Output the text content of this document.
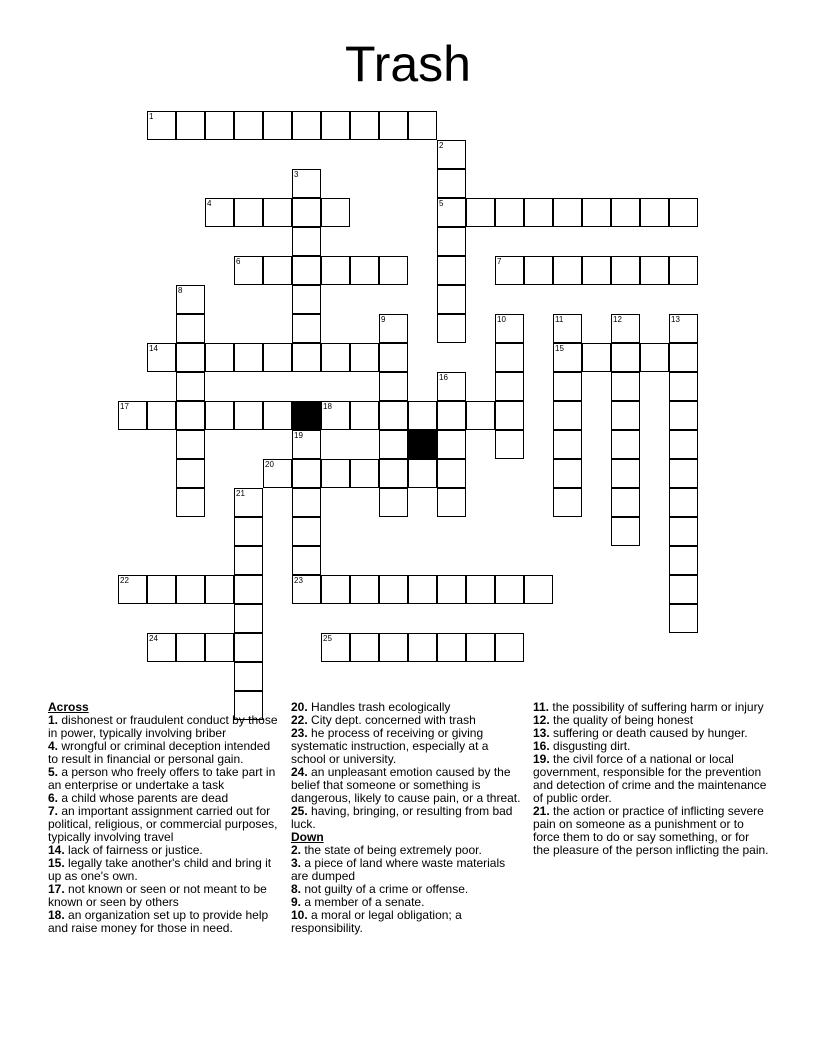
Trash
1
4	5
6	7
14	15
17	18
20
22	23
24	25
2
3
8
9	10	11	12	13
16
19
21

Across

1. dishonest or fraudulent conduct by those in power, typically involving briber

4. wrongful or criminal deception intended to result in financial or personal gain.

5. a person who freely offers to take part in an enterprise or undertake a task

6. a child whose parents are dead

7. an important assignment carried out for political, religious, or commercial purposes, typically involving travel

14. lack of fairness or justice.

15. legally take another's child and bring it up as one's own.

17. not known or seen or not meant to be known or seen by others

18. an organization set up to provide help and raise money for those in need.

20. Handles trash ecologically

22. City dept. concerned with trash

23. he process of receiving or giving systematic instruction, especially at a school or university.

24. an unpleasant emotion caused by the belief that someone or something is dangerous, likely to cause pain, or a threat.

25. having, bringing, or resulting from bad luck.

Down

2. the state of being extremely poor.

3. a piece of land where waste materials are dumped

8. not guilty of a crime or offense.

9. a member of a senate.

10. a moral or legal obligation; a responsibility.

11. the possibility of suffering harm or injury

12. the quality of being honest

13. suffering or death caused by hunger.

16. disgusting dirt.

19. the civil force of a national or local government, responsible for the prevention and detection of crime and the maintenance of public order.

21. the action or practice of inflicting severe pain on someone as a punishment or to force them to do or say something, or for the pleasure of the person inflicting the pain.
